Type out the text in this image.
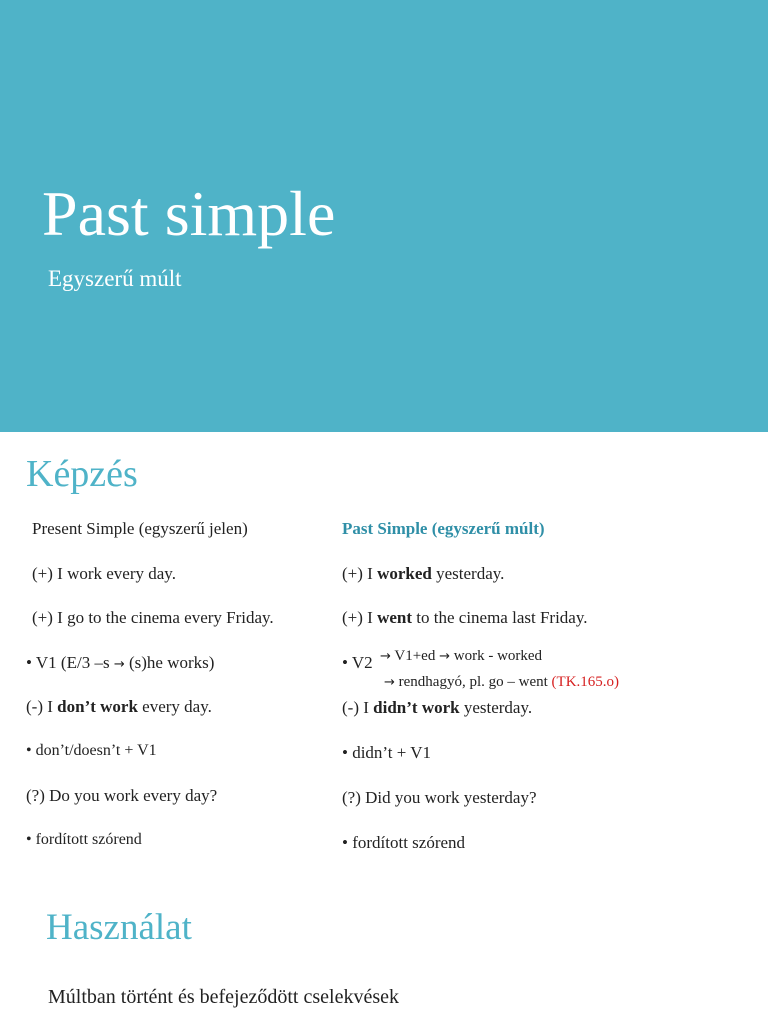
Past simple
Egyszerű múlt
Képzés
Present Simple (egyszerű jelen)
(+) I work every day.
(+) I go to the cinema every Friday.
• V1 (E/3 –s → (s)he works)
(-) I don’t work every day.
• don’t/doesn’t + V1
(?) Do you work every day?
• fordított szórend
Past Simple (egyszerű múlt)
(+) I worked yesterday.
(+) I went to the cinema last Friday.
• V2 → V1+ed → work - worked
→ rendhagyó, pl. go – went (TK.165.o)
(-) I didn’t work yesterday.
• didn’t + V1
(?) Did you work yesterday?
• fordított szórend
Használat
Múltban történt és befejeződött cselekvések
